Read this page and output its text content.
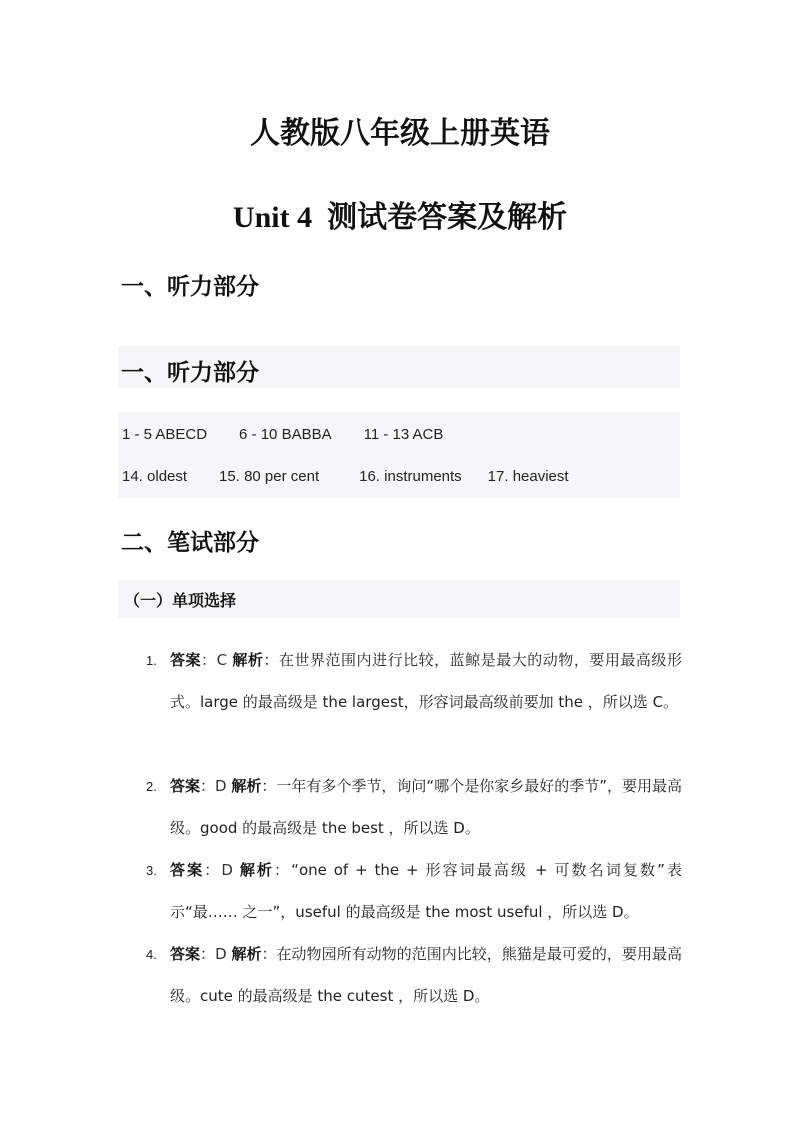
人教版八年级上册英语
Unit 4 测试卷答案及解析
一、听力部分
一、听力部分
1 - 5 ABECD 6 - 10 BABBA 11 - 13 ACB
14. oldest 15. 80 per cent	16. instruments 17. heaviest
二、笔试部分
（一）单项选择
1. 答案：C 解析：在世界范围内进行比较，蓝鲸是最大的动物，要用最高级形式。large 的最高级是 the largest，形容词最高级前要加 the ，所以选 C。
2. 答案：D 解析：一年有多个季节，询问“哪个是你家乡最好的季节”，要用最高级。good 的最高级是 the best ，所以选 D。
3. 答案：D 解析：“one of + the + 形容词最高级 + 可数名词复数”表示“最…… 之一”，useful 的最高级是 the most useful ，所以选 D。
4. 答案：D 解析：在动物园所有动物的范围内比较，熊猫是最可爱的，要用最高级。cute 的最高级是 the cutest ，所以选 D。
